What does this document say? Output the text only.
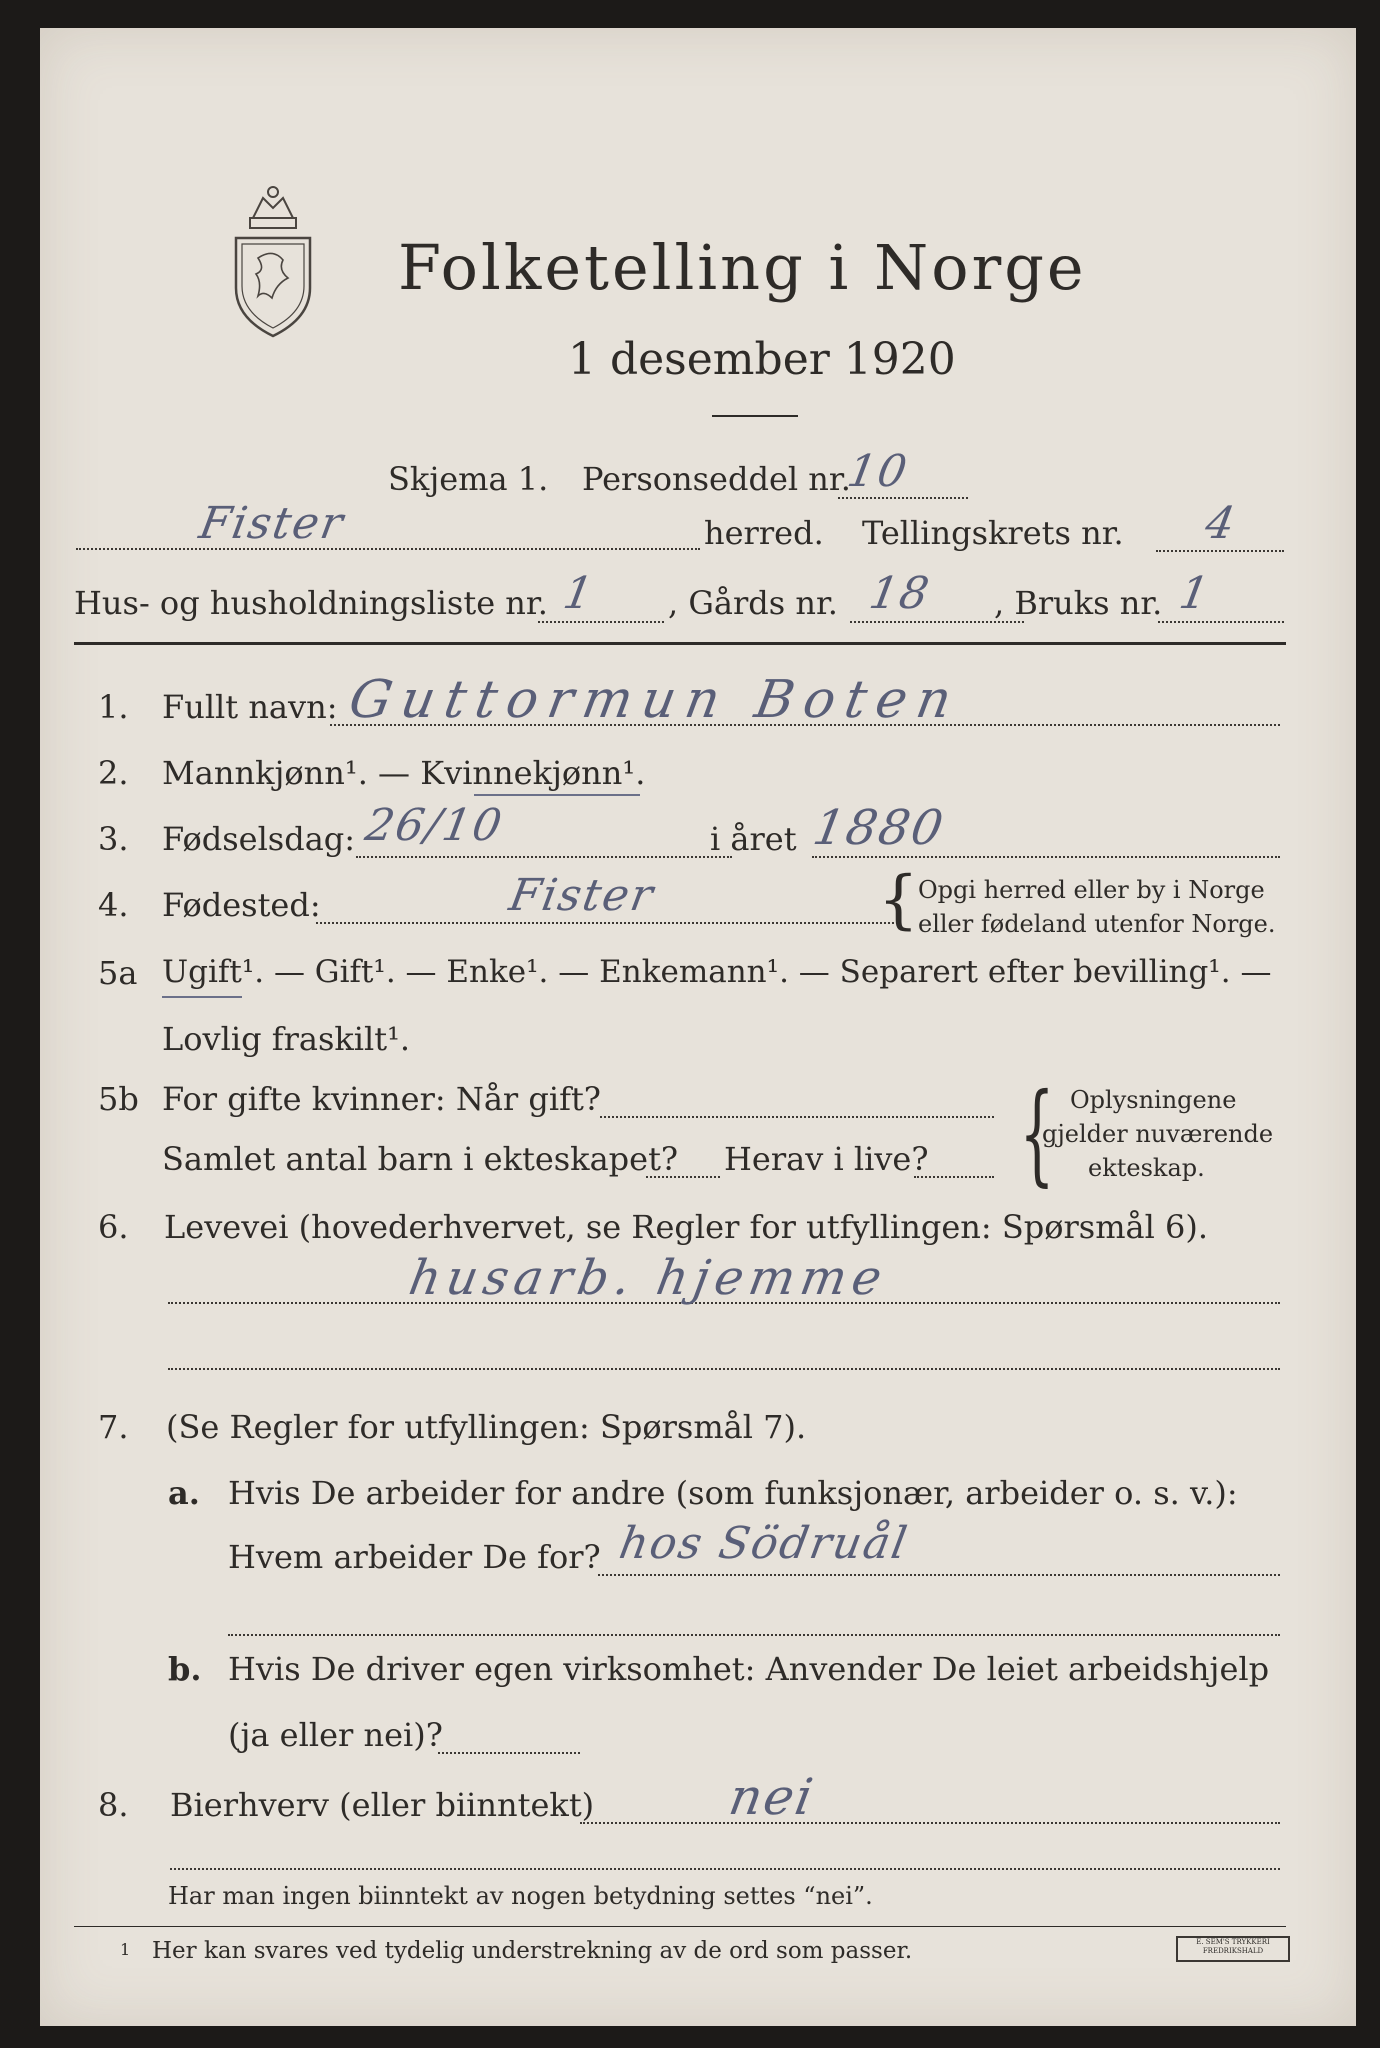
Folketelling i Norge
1 desember 1920
Skjema 1. Personseddel nr.
10
Fister	herred. Tellingskrets nr. 4
Hus- og husholdningsliste nr. 1 , Gårds nr. 18 , Bruks nr. 1
1. Fullt navn: Guttormun Boten
2. Mannkjønn¹. — Kvinnekjønn¹.
3. Fødselsdag: 26/10	i året 1880
4. Fødested:	Fister	{ Opgi herred eller by i Norge
eller fødeland utenfor Norge.
5a Ugift¹. — Gift¹. — Enke¹. — Enkemann¹. — Separert efter bevilling¹. —
Lovlig fraskilt¹.
5b For gifte kvinner: Når gift?
Samlet antal barn i ekteskapet? Herav i live? { Oplysningene
gjelder nuværende
ekteskap.
6. Levevei (hovederhvervet, se Regler for utfyllingen: Spørsmål 6).
husarb. hjemme
7. (Se Regler for utfyllingen: Spørsmål 7).
a. Hvis De arbeider for andre (som funksjonær, arbeider o. s. v.):
Hvem arbeider De for? hos Södruål
b. Hvis De driver egen virksomhet: Anvender De leiet arbeidshjelp
(ja eller nei)?
8. Bierhverv (eller biinntekt)	nei
Har man ingen biinntekt av nogen betydning settes “nei”.
1 Her kan svares ved tydelig understrekning av de ord som passer.	E. SEM'S TRYKKERI
FREDRIKSHALD
